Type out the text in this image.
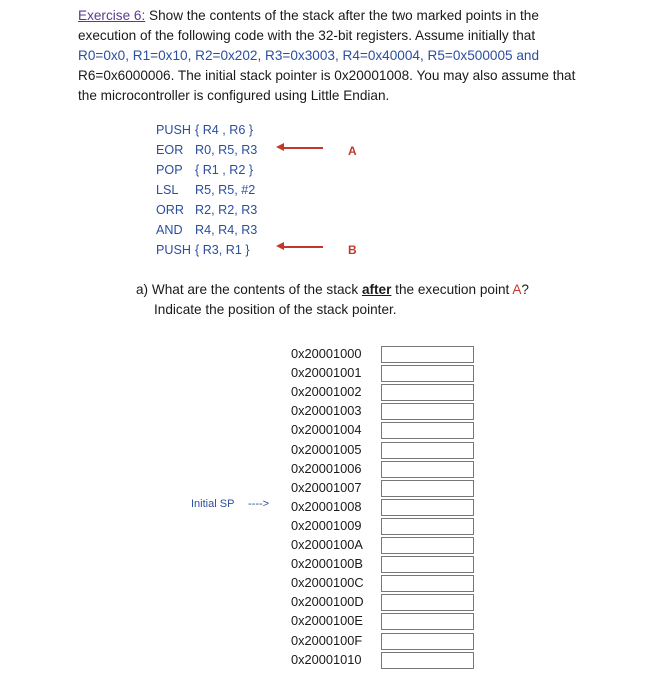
Exercise 6: Show the contents of the stack after the two marked points in the
execution of the following code with the 32-bit registers. Assume initially that
R0=0x0, R1=0x10, R2=0x202, R3=0x3003, R4=0x40004, R5=0x500005 and
R6=0x6000006. The initial stack pointer is 0x20001008. You may also assume that
the microcontroller is configured using Little Endian.
PUSH { R4 , R6 }
EOR R0, R5, R3
POP { R1 , R2 }
LSL R5, R5, #2
ORR R2, R2, R3
AND R4, R4, R3
PUSH { R3, R1 }
A
B
a) What are the contents of the stack after the execution point A?
Indicate the position of the stack pointer.
Initial SP ---->
0x20001000
0x20001001
0x20001002
0x20001003
0x20001004
0x20001005
0x20001006
0x20001007
0x20001008
0x20001009
0x2000100A
0x2000100B
0x2000100C
0x2000100D
0x2000100E
0x2000100F
0x20001010
